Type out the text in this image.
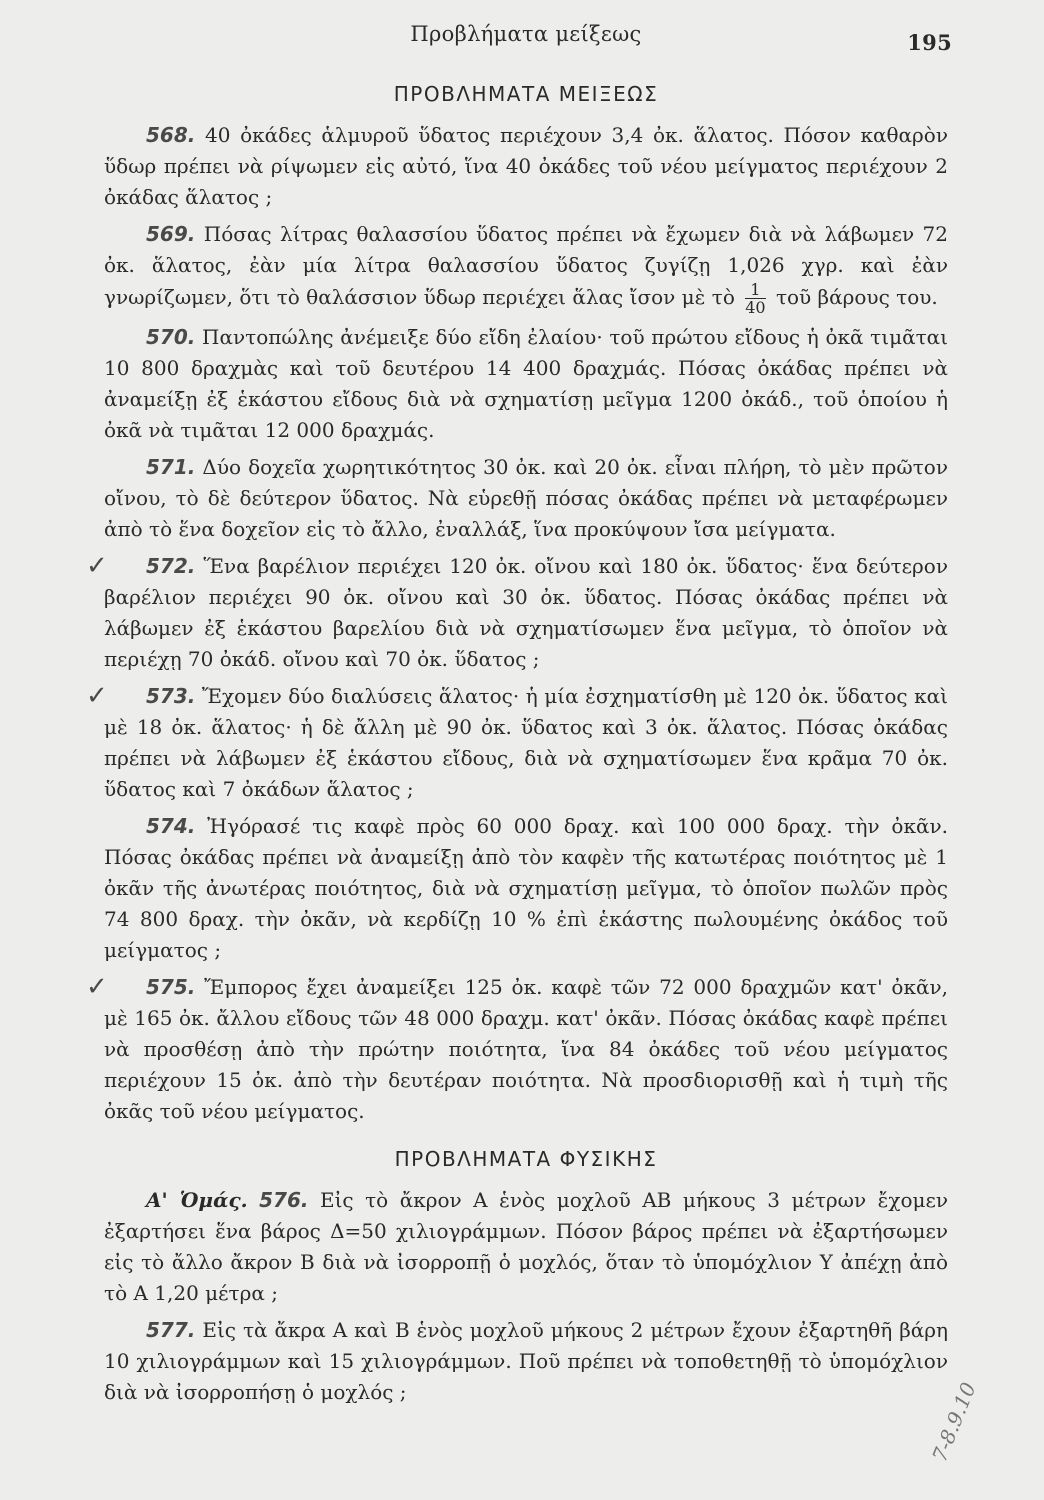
Προβλήματα μείξεως	195
ΠΡΟΒΛΗΜΑΤΑ ΜΕΙΞΕΩΣ

568. 40 ὀκάδες ἁλμυροῦ ὕδατος περιέχουν 3,4 ὀκ. ἅλατος. Πόσον καθαρὸν ὕδωρ πρέπει νὰ ρίψωμεν εἰς αὐτό, ἵνα 40 ὀκάδες τοῦ νέου μείγματος περιέχουν 2 ὀκάδας ἅλατος ;

569. Πόσας λίτρας θαλασσίου ὕδατος πρέπει νὰ ἔχωμεν διὰ νὰ λάβωμεν 72 ὀκ. ἅλατος, ἐὰν μία λίτρα θαλασσίου ὕδατος ζυγίζῃ 1,026 χγρ. καὶ ἐὰν γνωρίζωμεν, ὅτι τὸ θαλάσσιον ὕδωρ περιέχει ἅλας ἴσον μὲ τὸ $\frac{1}{40}$ τοῦ βάρους του.

570. Παντοπώλης ἀνέμειξε δύο εἴδη ἐλαίου· τοῦ πρώτου εἴδους ἡ ὀκᾶ τιμᾶται 10 800 δραχμὰς καὶ τοῦ δευτέρου 14 400 δραχμάς. Πόσας ὀκάδας πρέπει νὰ ἀναμείξῃ ἐξ ἑκάστου εἴδους διὰ νὰ σχηματίσῃ μεῖγμα 1200 ὀκάδ., τοῦ ὁποίου ἡ ὀκᾶ νὰ τιμᾶται 12 000 δραχμάς.

571. Δύο δοχεῖα χωρητικότητος 30 ὀκ. καὶ 20 ὀκ. εἶναι πλήρη, τὸ μὲν πρῶτον οἴνου, τὸ δὲ δεύτερον ὕδατος. Νὰ εὑρεθῇ πόσας ὀκάδας πρέπει νὰ μεταφέρωμεν ἀπὸ τὸ ἕνα δοχεῖον εἰς τὸ ἄλλο, ἐναλλάξ, ἵνα προκύψουν ἴσα μείγματα.

✓ 572. Ἕνα βαρέλιον περιέχει 120 ὀκ. οἴνου καὶ 180 ὀκ. ὕδατος· ἕνα δεύτερον βαρέλιον περιέχει 90 ὀκ. οἴνου καὶ 30 ὀκ. ὕδατος. Πόσας ὀκάδας πρέπει νὰ λάβωμεν ἐξ ἑκάστου βαρελίου διὰ νὰ σχηματίσωμεν ἕνα μεῖγμα, τὸ ὁποῖον νὰ περιέχῃ 70 ὀκάδ. οἴνου καὶ 70 ὀκ. ὕδατος ;

✓ 573. Ἔχομεν δύο διαλύσεις ἅλατος· ἡ μία ἐσχηματίσθη μὲ 120 ὀκ. ὕδατος καὶ μὲ 18 ὀκ. ἅλατος· ἡ δὲ ἄλλη μὲ 90 ὀκ. ὕδατος καὶ 3 ὀκ. ἅλατος. Πόσας ὀκάδας πρέπει νὰ λάβωμεν ἐξ ἑκάστου εἴδους, διὰ νὰ σχηματίσωμεν ἕνα κρᾶμα 70 ὀκ. ὕδατος καὶ 7 ὀκάδων ἅλατος ;

574. Ἠγόρασέ τις καφὲ πρὸς 60 000 δραχ. καὶ 100 000 δραχ. τὴν ὀκᾶν. Πόσας ὀκάδας πρέπει νὰ ἀναμείξῃ ἀπὸ τὸν καφὲν τῆς κατωτέρας ποιότητος μὲ 1 ὀκᾶν τῆς ἀνωτέρας ποιότητος, διὰ νὰ σχηματίσῃ μεῖγμα, τὸ ὁποῖον πωλῶν πρὸς 74 800 δραχ. τὴν ὀκᾶν, νὰ κερδίζῃ 10 % ἐπὶ ἑκάστης πωλουμένης ὀκάδος τοῦ μείγματος ;

✓ 575. Ἔμπορος ἔχει ἀναμείξει 125 ὀκ. καφὲ τῶν 72 000 δραχμῶν κατ' ὀκᾶν, μὲ 165 ὀκ. ἄλλου εἴδους τῶν 48 000 δραχμ. κατ' ὀκᾶν. Πόσας ὀκάδας καφὲ πρέπει νὰ προσθέσῃ ἀπὸ τὴν πρώτην ποιότητα, ἵνα 84 ὀκάδες τοῦ νέου μείγματος περιέχουν 15 ὀκ. ἀπὸ τὴν δευτέραν ποιότητα. Νὰ προσδιορισθῇ καὶ ἡ τιμὴ τῆς ὀκᾶς τοῦ νέου μείγματος.

ΠΡΟΒΛΗΜΑΤΑ ΦΥΣΙΚΗΣ

Α' Ὁμάς. 576. Εἰς τὸ ἄκρον Α ἑνὸς μοχλοῦ ΑΒ μήκους 3 μέτρων ἔχομεν ἐξαρτήσει ἕνα βάρος Δ=50 χιλιογράμμων. Πόσον βάρος πρέπει νὰ ἐξαρτήσωμεν εἰς τὸ ἄλλο ἄκρον Β διὰ νὰ ἰσορροπῇ ὁ μοχλός, ὅταν τὸ ὑπομόχλιον Υ ἀπέχῃ ἀπὸ τὸ Α 1,20 μέτρα ;

577. Εἰς τὰ ἄκρα Α καὶ Β ἑνὸς μοχλοῦ μήκους 2 μέτρων ἔχουν ἐξαρτηθῆ βάρη 10 χιλιογράμμων καὶ 15 χιλιογράμμων. Ποῦ πρέπει νὰ τοποθετηθῇ τὸ ὑπομόχλιον διὰ νὰ ἰσορροπήσῃ ὁ μοχλός ;	7-8.9.10
